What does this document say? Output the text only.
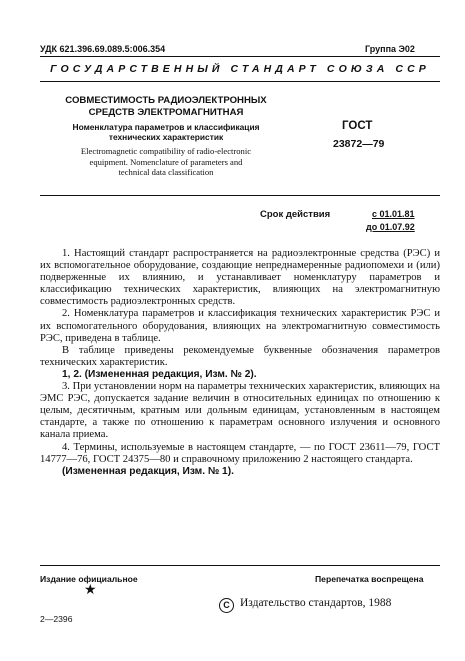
УДК 621.396.69.089.5:006.354	Группа Э02
ГОСУДАРСТВЕННЫЙ СТАНДАРТ СОЮЗА ССР
СОВМЕСТИМОСТЬ РАДИОЭЛЕКТРОННЫХ
СРЕДСТВ ЭЛЕКТРОМАГНИТНАЯ
Номенклатура параметров и классификация
технических характеристик
Electromagnetic compatibility of radio-electronic
equipment. Nomenclature of parameters and
technical data classification
ГОСТ
23872—79
Срок действия	с 01.01.81
до 01.07.92

1. Настоящий стандарт распространяется на радиоэлектронные средства (РЭС) и их вспомогательное оборудование, создающие непреднамеренные радиопомехи и (или) подверженные их влиянию, и устанавливает номенклатуру параметров и классификацию технических характеристик, влияющих на электромагнитную совместимость радиоэлектронных средств.

2. Номенклатура параметров и классификация технических характеристик РЭС и их вспомогательного оборудования, влияющих на электромагнитную совместимость РЭС, приведена в таблице.

В таблице приведены рекомендуемые буквенные обозначения параметров технических характеристик.

1, 2. (Измененная редакция, Изм. № 2).

3. При установлении норм на параметры технических характеристик, влияющих на ЭМС РЭС, допускается задание величин в относительных единицах по отношению к целым, десятичным, кратным или дольным единицам, установленным в настоящем стандарте, а также по отношению к параметрам основного излучения и основного канала приема.

4. Термины, используемые в настоящем стандарте, — по ГОСТ 23611—79, ГОСТ 14777—76, ГОСТ 24375—80 и справочному приложению 2 настоящего стандарта.

(Измененная редакция, Изм. № 1).

Издание официальное	Перепечатка воспрещена
★
C Издательство стандартов, 1988
2—2396
